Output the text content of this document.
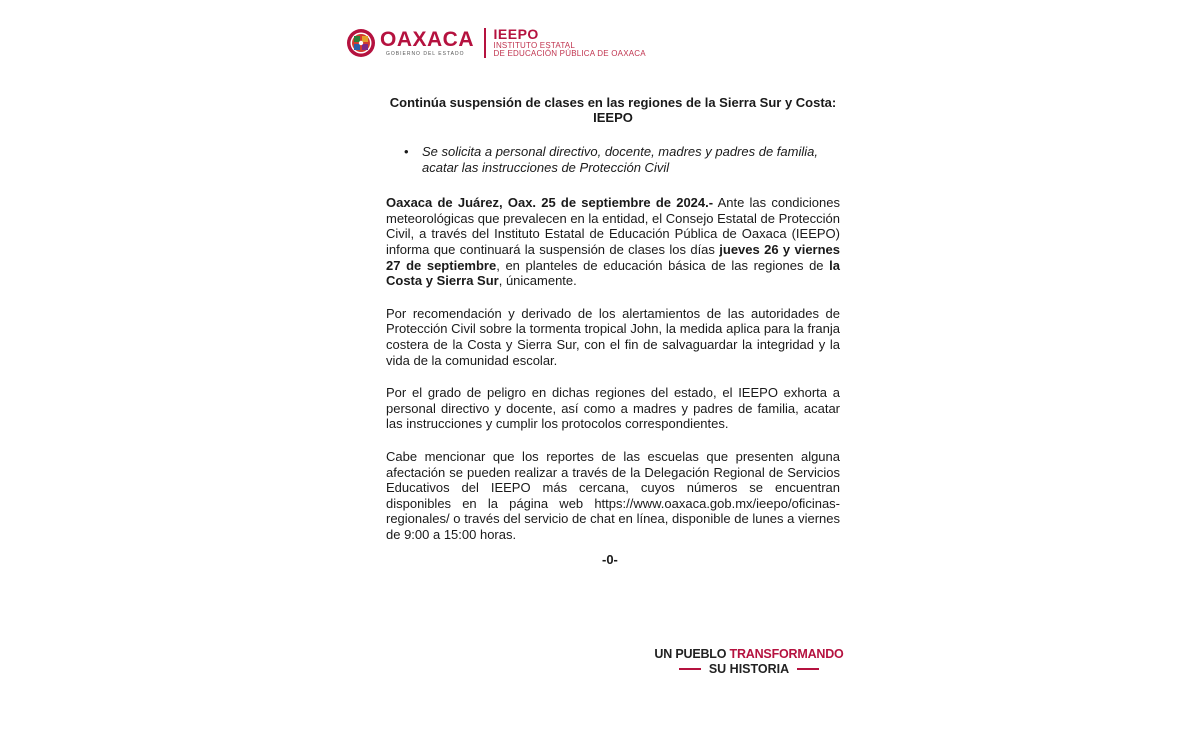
OAXACA
GOBIERNO DEL ESTADO
IEEPO
INSTITUTO ESTATAL
DE EDUCACIÓN PÚBLICA DE OAXACA
Continúa suspensión de clases en las regiones de la Sierra Sur y Costa:
IEEPO
•	Se solicita a personal directivo, docente, madres y padres de familia, acatar las instrucciones de Protección Civil

Oaxaca de Juárez, Oax. 25 de septiembre de 2024.- Ante las condiciones meteorológicas que prevalecen en la entidad, el Consejo Estatal de Protección Civil, a través del Instituto Estatal de Educación Pública de Oaxaca (IEEPO) informa que continuará la suspensión de clases los días jueves 26 y viernes 27 de septiembre, en planteles de educación básica de las regiones de la Costa y Sierra Sur, únicamente.

Por recomendación y derivado de los alertamientos de las autoridades de Protección Civil sobre la tormenta tropical John, la medida aplica para la franja costera de la Costa y Sierra Sur, con el fin de salvaguardar la integridad y la vida de la comunidad escolar.

Por el grado de peligro en dichas regiones del estado, el IEEPO exhorta a personal directivo y docente, así como a madres y padres de familia, acatar las instrucciones y cumplir los protocolos correspondientes.

Cabe mencionar que los reportes de las escuelas que presenten alguna afectación se pueden realizar a través de la Delegación Regional de Servicios Educativos del IEEPO más cercana, cuyos números se encuentran disponibles en la página web https://www.oaxaca.gob.mx/ieepo/oficinas-regionales/ o través del servicio de chat en línea, disponible de lunes a viernes de 9:00 a 15:00 horas.

-0-
UN PUEBLO TRANSFORMANDO
SU HISTORIA
